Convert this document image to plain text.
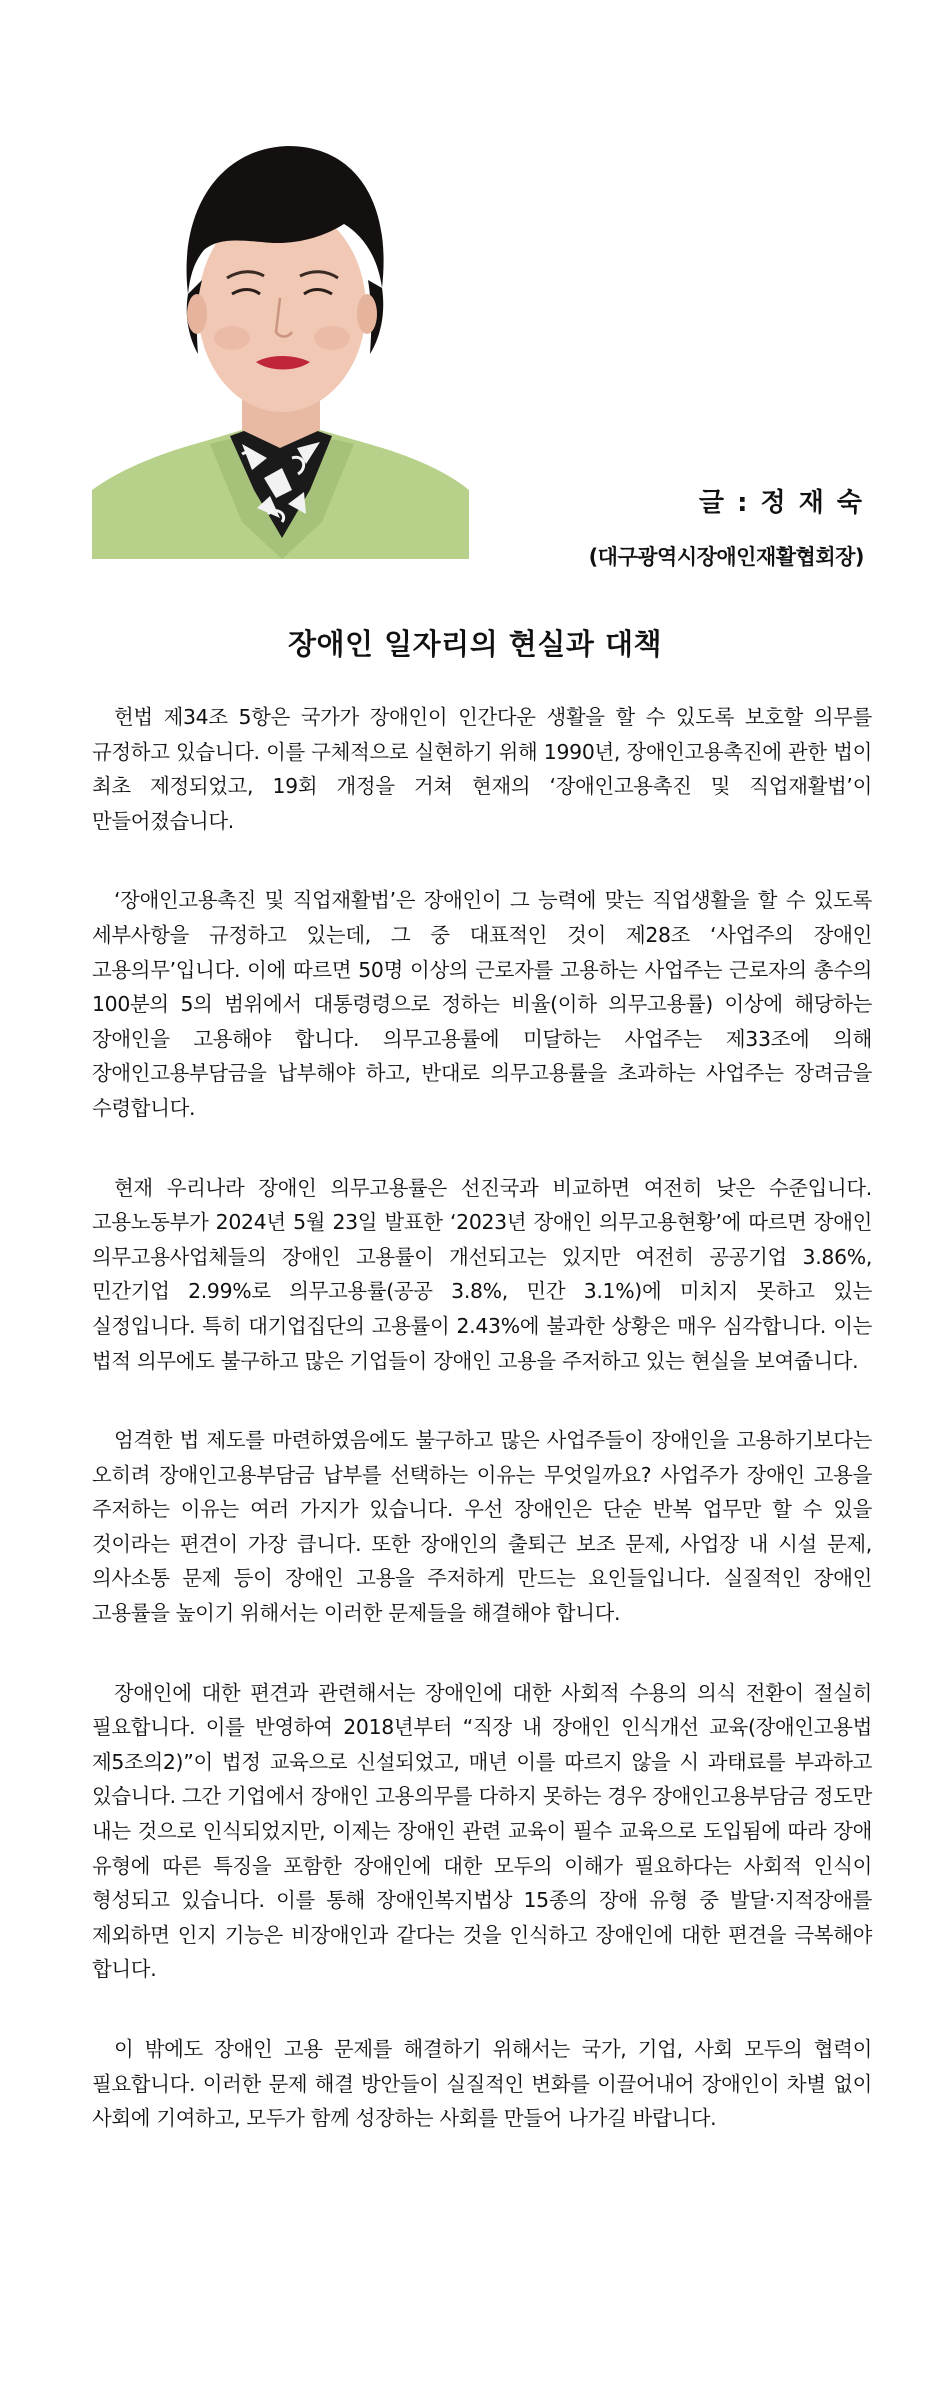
글 : 정 재 숙
(대구광역시장애인재활협회장)
장애인 일자리의 현실과 대책

헌법 제34조 5항은 국가가 장애인이 인간다운 생활을 할 수 있도록 보호할 의무를 규정하고 있습니다. 이를 구체적으로 실현하기 위해 1990년, 장애인고용촉진에 관한 법이 최초 제정되었고, 19회 개정을 거쳐 현재의 ‘장애인고용촉진 및 직업재활법’이 만들어졌습니다.

‘장애인고용촉진 및 직업재활법’은 장애인이 그 능력에 맞는 직업생활을 할 수 있도록 세부사항을 규정하고 있는데, 그 중 대표적인 것이 제28조 ‘사업주의 장애인 고용의무’입니다. 이에 따르면 50명 이상의 근로자를 고용하는 사업주는 근로자의 총수의 100분의 5의 범위에서 대통령령으로 정하는 비율(이하 의무고용률) 이상에 해당하는 장애인을 고용해야 합니다. 의무고용률에 미달하는 사업주는 제33조에 의해 장애인고용부담금을 납부해야 하고, 반대로 의무고용률을 초과하는 사업주는 장려금을 수령합니다.

현재 우리나라 장애인 의무고용률은 선진국과 비교하면 여전히 낮은 수준입니다. 고용노동부가 2024년 5월 23일 발표한 ‘2023년 장애인 의무고용현황’에 따르면 장애인 의무고용사업체들의 장애인 고용률이 개선되고는 있지만 여전히 공공기업 3.86%, 민간기업 2.99%로 의무고용률(공공 3.8%, 민간 3.1%)에 미치지 못하고 있는 실정입니다. 특히 대기업집단의 고용률이 2.43%에 불과한 상황은 매우 심각합니다. 이는 법적 의무에도 불구하고 많은 기업들이 장애인 고용을 주저하고 있는 현실을 보여줍니다.

엄격한 법 제도를 마련하였음에도 불구하고 많은 사업주들이 장애인을 고용하기보다는 오히려 장애인고용부담금 납부를 선택하는 이유는 무엇일까요? 사업주가 장애인 고용을 주저하는 이유는 여러 가지가 있습니다. 우선 장애인은 단순 반복 업무만 할 수 있을 것이라는 편견이 가장 큽니다. 또한 장애인의 출퇴근 보조 문제, 사업장 내 시설 문제, 의사소통 문제 등이 장애인 고용을 주저하게 만드는 요인들입니다. 실질적인 장애인 고용률을 높이기 위해서는 이러한 문제들을 해결해야 합니다.

장애인에 대한 편견과 관련해서는 장애인에 대한 사회적 수용의 의식 전환이 절실히 필요합니다. 이를 반영하여 2018년부터 “직장 내 장애인 인식개선 교육(장애인고용법 제5조의2)”이 법정 교육으로 신설되었고, 매년 이를 따르지 않을 시 과태료를 부과하고 있습니다. 그간 기업에서 장애인 고용의무를 다하지 못하는 경우 장애인고용부담금 정도만 내는 것으로 인식되었지만, 이제는 장애인 관련 교육이 필수 교육으로 도입됨에 따라 장애 유형에 따른 특징을 포함한 장애인에 대한 모두의 이해가 필요하다는 사회적 인식이 형성되고 있습니다. 이를 통해 장애인복지법상 15종의 장애 유형 중 발달·지적장애를 제외하면 인지 기능은 비장애인과 같다는 것을 인식하고 장애인에 대한 편견을 극복해야 합니다.

이 밖에도 장애인 고용 문제를 해결하기 위해서는 국가, 기업, 사회 모두의 협력이 필요합니다. 이러한 문제 해결 방안들이 실질적인 변화를 이끌어내어 장애인이 차별 없이 사회에 기여하고, 모두가 함께 성장하는 사회를 만들어 나가길 바랍니다.
